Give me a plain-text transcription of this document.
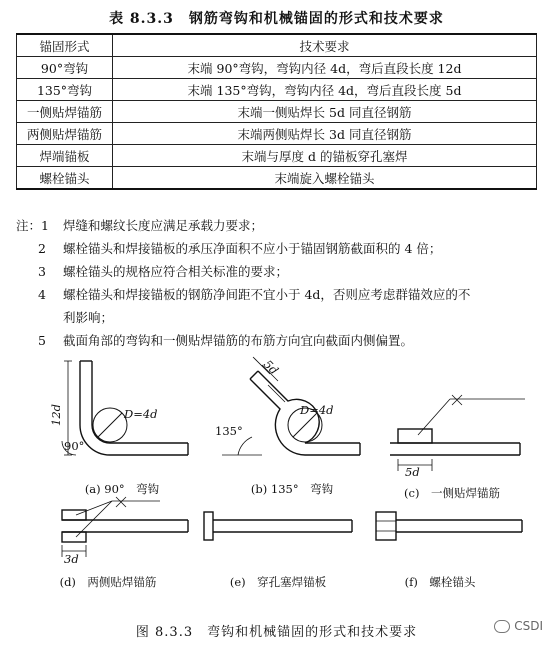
表 8.3.3　钢筋弯钩和机械锚固的形式和技术要求
锚固形式	技术要求
90°弯钩	末端 90°弯钩，弯钩内径 4d，弯后直段长度 12d
135°弯钩	末端 135°弯钩，弯钩内径 4d，弯后直段长度 5d
一侧贴焊锚筋	末端一侧贴焊长 5d 同直径钢筋
两侧贴焊锚筋	末端两侧贴焊长 3d 同直径钢筋
焊端锚板	末端与厚度 d 的锚板穿孔塞焊
螺栓锚头	末端旋入螺栓锚头
注：1	焊缝和螺纹长度应满足承载力要求；
2	螺栓锚头和焊接锚板的承压净面积不应小于锚固钢筋截面积的 4 倍；
3	螺栓锚头的规格应符合相关标准的要求；
4	螺栓锚头和焊接锚板的钢筋净间距不宜小于 4d，否则应考虑群锚效应的不
利影响；
5	截面角部的弯钩和一侧贴焊锚筋的布筋方向宜向截面内侧偏置。
12d	D=4d
90°
5d
D=4d
135°
5d
3d
(a) 90°　弯钩	(b) 135°　弯钩	(c)　一侧贴焊锚筋
(d)　两侧贴焊锚筋	(e)　穿孔塞焊锚板	(f)　螺栓锚头
图 8.3.3　弯钩和机械锚固的形式和技术要求	CSDI
